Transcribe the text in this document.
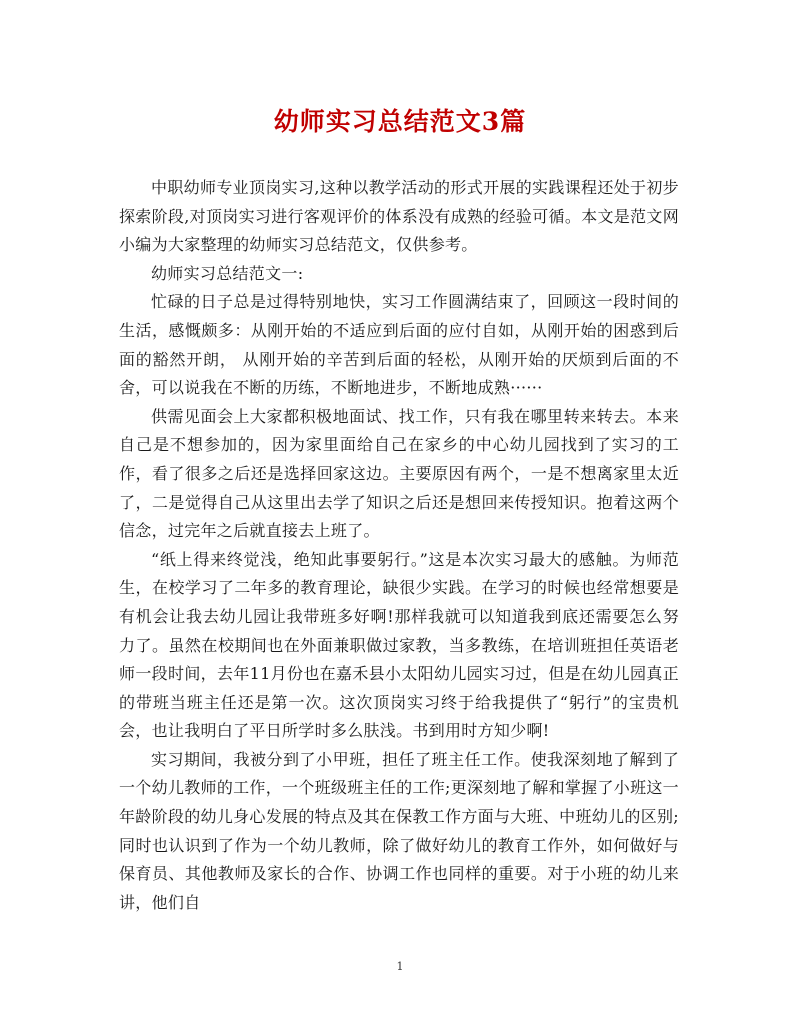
幼师实习总结范文3篇

中职幼师专业顶岗实习,这种以教学活动的形式开展的实践课程还处于初步探索阶段,对顶岗实习进行客观评价的体系没有成熟的经验可循。本文是范文网小编为大家整理的幼师实习总结范文，仅供参考。

幼师实习总结范文一:

忙碌的日子总是过得特别地快，实习工作圆满结束了，回顾这一段时间的生活，感慨颇多：从刚开始的不适应到后面的应付自如，从刚开始的困惑到后面的豁然开朗， 从刚开始的辛苦到后面的轻松，从刚开始的厌烦到后面的不舍，可以说我在不断的历练，不断地进步，不断地成熟······

供需见面会上大家都积极地面试、找工作，只有我在哪里转来转去。本来自己是不想参加的，因为家里面给自己在家乡的中心幼儿园找到了实习的工作，看了很多之后还是选择回家这边。主要原因有两个，一是不想离家里太近了，二是觉得自己从这里出去学了知识之后还是想回来传授知识。抱着这两个信念，过完年之后就直接去上班了。

“纸上得来终觉浅，绝知此事要躬行。”这是本次实习最大的感触。为师范生，在校学习了二年多的教育理论，缺很少实践。在学习的时候也经常想要是有机会让我去幼儿园让我带班多好啊!那样我就可以知道我到底还需要怎么努力了。虽然在校期间也在外面兼职做过家教，当多教练，在培训班担任英语老师一段时间，去年11月份也在嘉禾县小太阳幼儿园实习过，但是在幼儿园真正的带班当班主任还是第一次。这次顶岗实习终于给我提供了“躬行”的宝贵机会，也让我明白了平日所学时多么肤浅。书到用时方知少啊!

实习期间，我被分到了小甲班，担任了班主任工作。使我深刻地了解到了一个幼儿教师的工作，一个班级班主任的工作;更深刻地了解和掌握了小班这一年龄阶段的幼儿身心发展的特点及其在保教工作方面与大班、中班幼儿的区别;同时也认识到了作为一个幼儿教师，除了做好幼儿的教育工作外，如何做好与保育员、其他教师及家长的合作、协调工作也同样的重要。对于小班的幼儿来讲，他们自

1
